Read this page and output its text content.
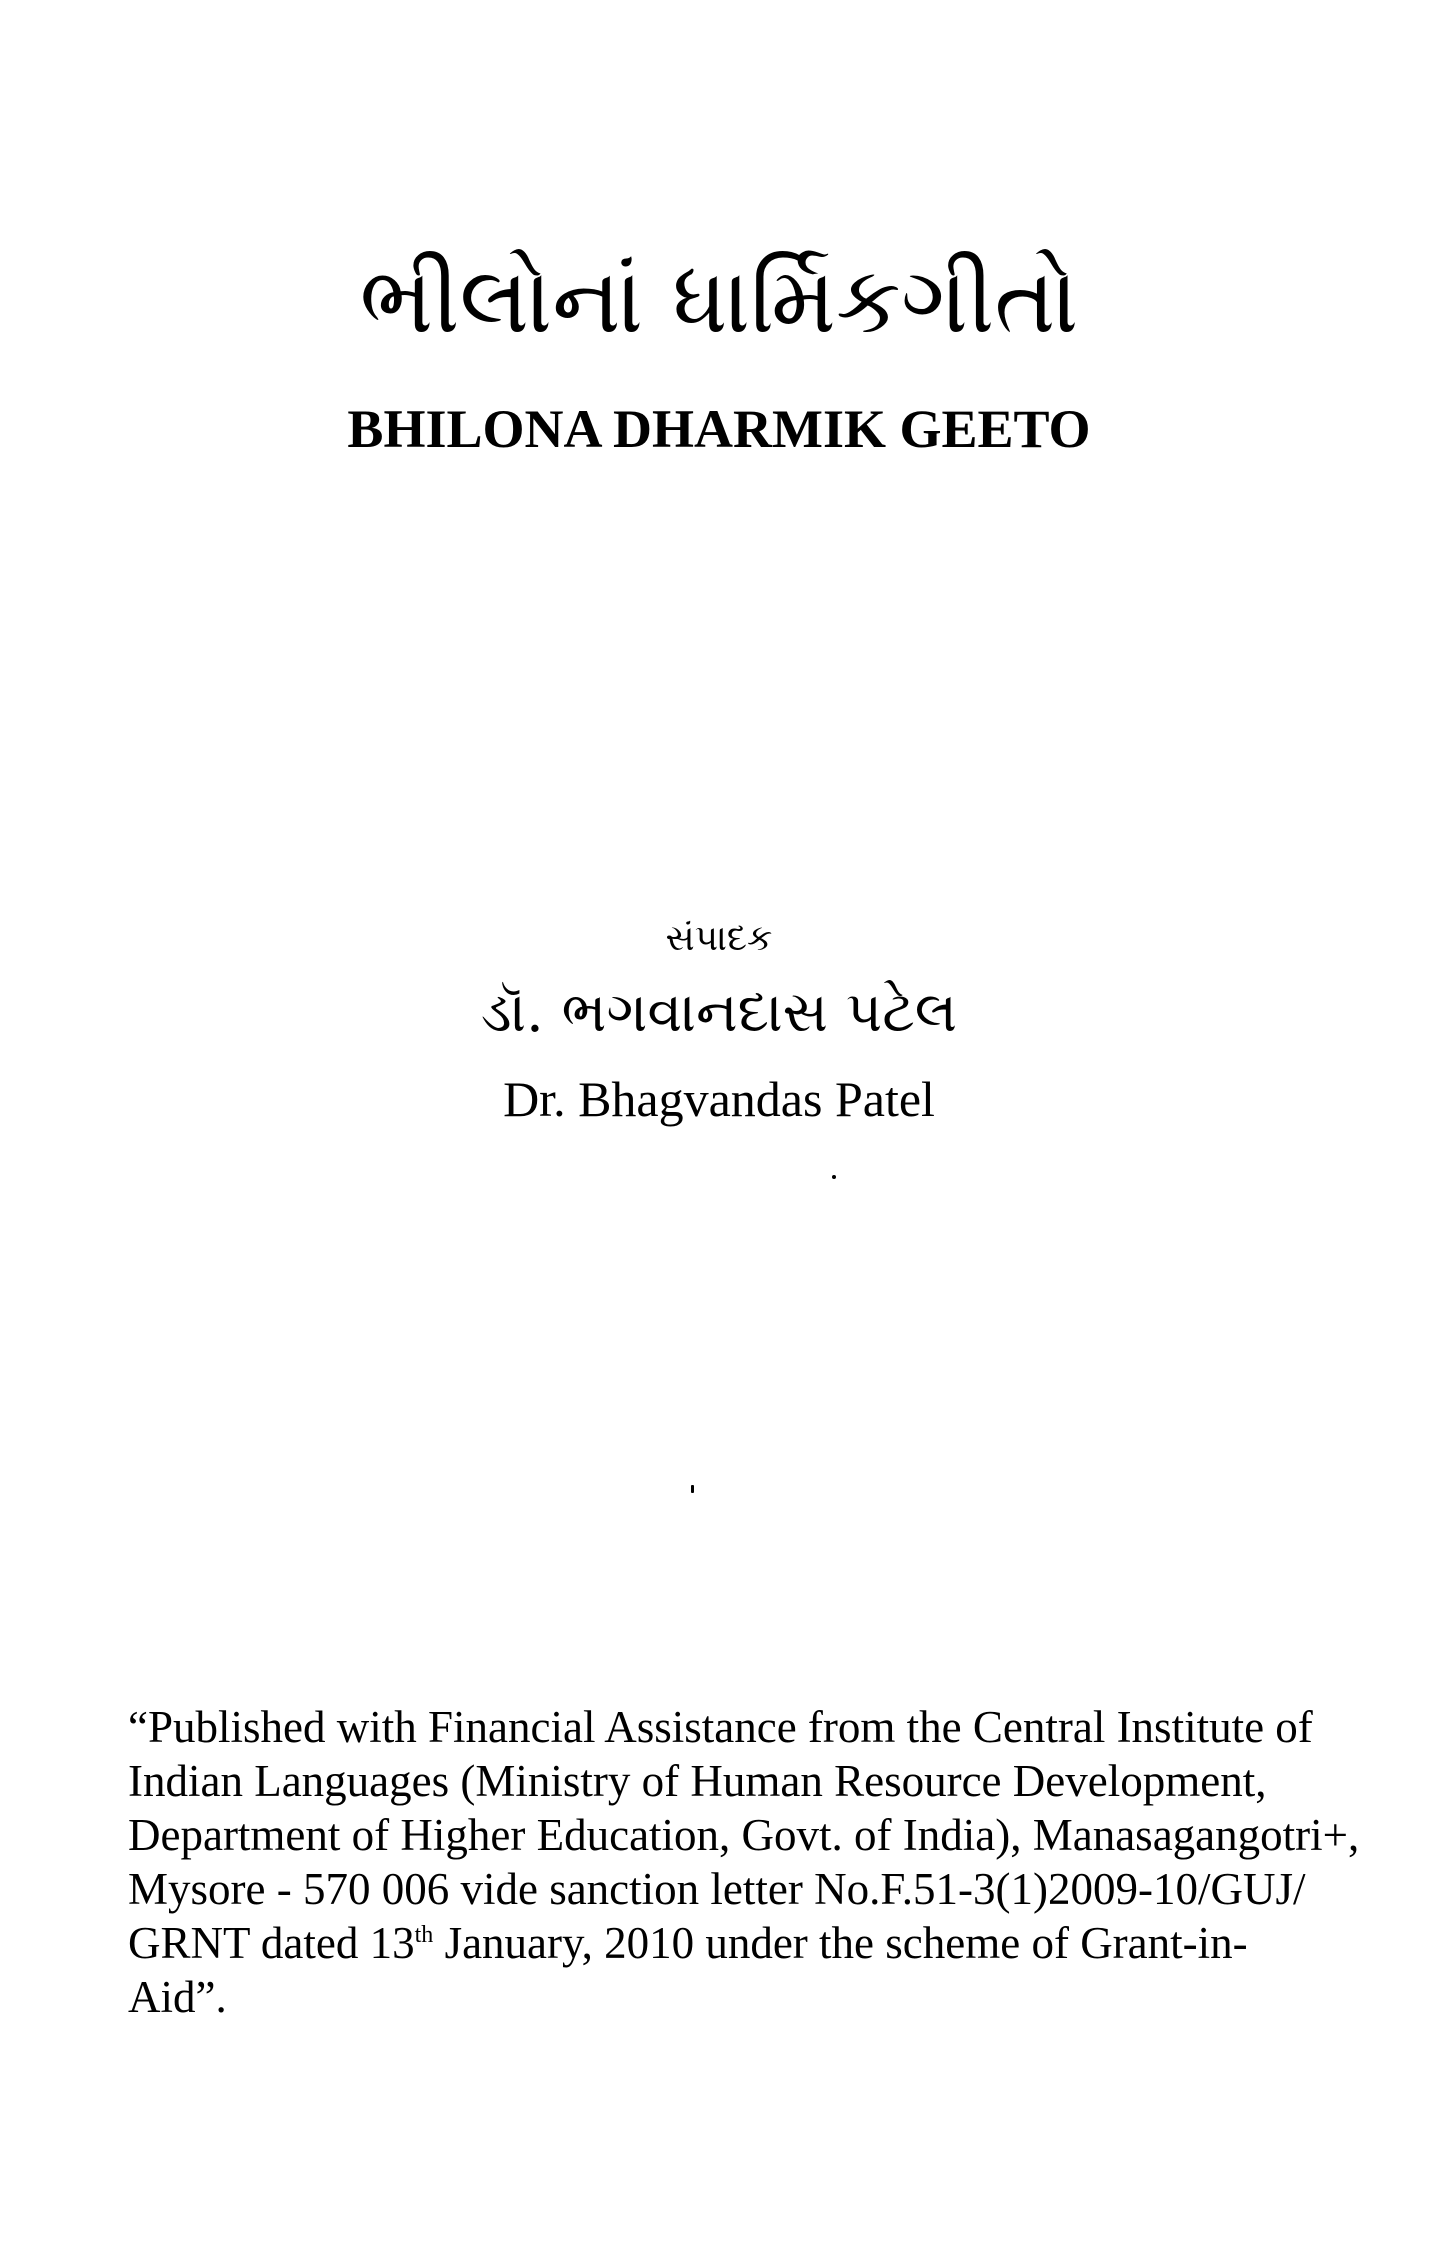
ભીલોનાં ધાર્મિકગીતો
BHILONA DHARMIK GEETO
સંપાદક
ડૉ. ભગવાનદાસ પટેલ
Dr. Bhagvandas Patel
“Published with Financial Assistance from the Central Institute of
Indian Languages (Ministry of Human Resource Development,
Department of Higher Education, Govt. of India), Manasagangotri+,
Mysore - 570 006 vide sanction letter No.F.51-3(1)2009-10/GUJ/
GRNT dated 13th January, 2010 under the scheme of Grant-in-
Aid”.
